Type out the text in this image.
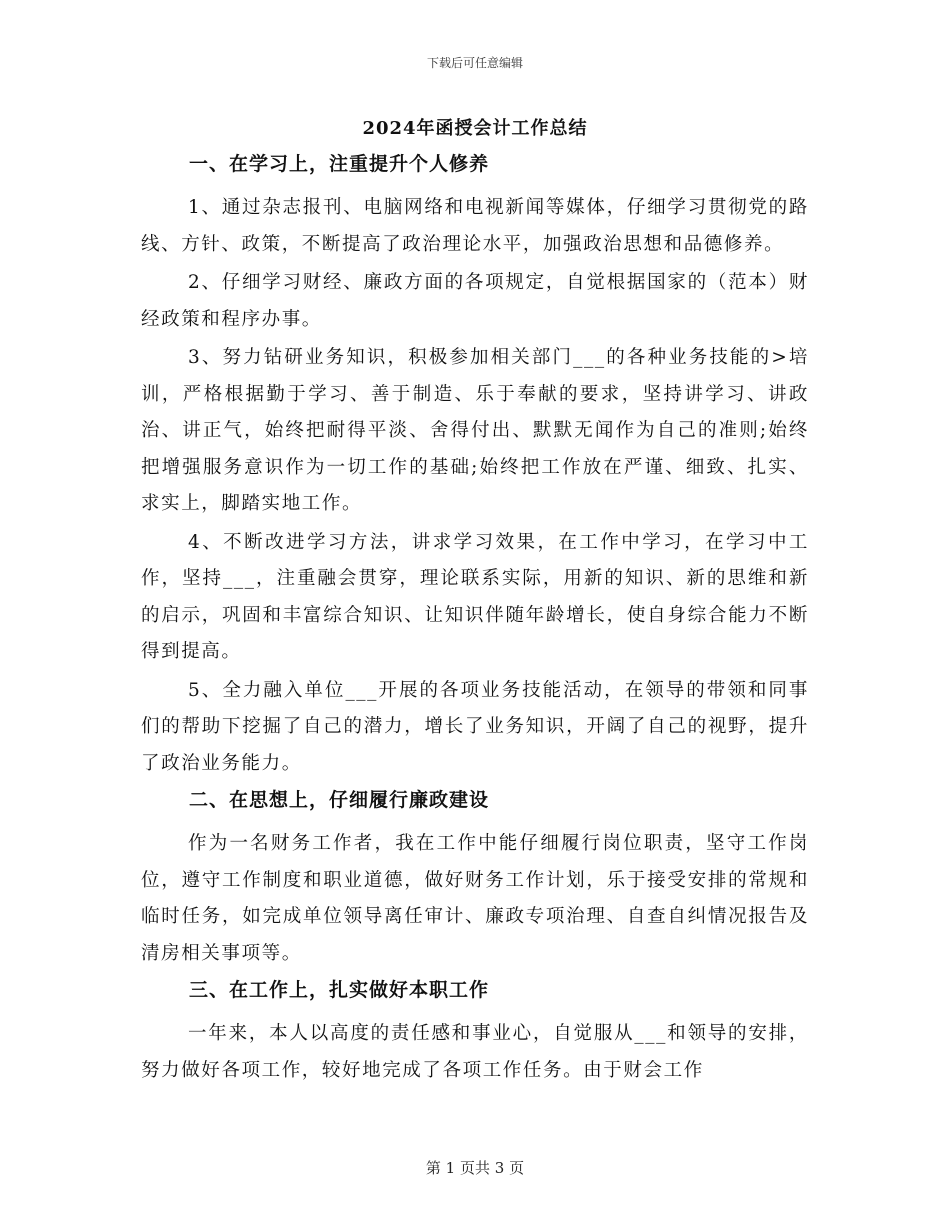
下载后可任意编辑
2024年函授会计工作总结
一、在学习上，注重提升个人修养

1、通过杂志报刊、电脑网络和电视新闻等媒体，仔细学习贯彻党的路线、方针、政策，不断提高了政治理论水平，加强政治思想和品德修养。

2、仔细学习财经、廉政方面的各项规定，自觉根据国家的（范本）财经政策和程序办事。

3、努力钻研业务知识，积极参加相关部门___的各种业务技能的>培训，严格根据勤于学习、善于制造、乐于奉献的要求，坚持讲学习、讲政治、讲正气，始终把耐得平淡、舍得付出、默默无闻作为自己的准则;始终把增强服务意识作为一切工作的基础;始终把工作放在严谨、细致、扎实、求实上，脚踏实地工作。

4、不断改进学习方法，讲求学习效果，在工作中学习，在学习中工作，坚持___，注重融会贯穿，理论联系实际，用新的知识、新的思维和新的启示，巩固和丰富综合知识、让知识伴随年龄增长，使自身综合能力不断得到提高。

5、全力融入单位___开展的各项业务技能活动，在领导的带领和同事们的帮助下挖掘了自己的潜力，增长了业务知识，开阔了自己的视野，提升了政治业务能力。

二、在思想上，仔细履行廉政建设

作为一名财务工作者，我在工作中能仔细履行岗位职责，坚守工作岗位，遵守工作制度和职业道德，做好财务工作计划，乐于接受安排的常规和临时任务，如完成单位领导离任审计、廉政专项治理、自查自纠情况报告及清房相关事项等。

三、在工作上，扎实做好本职工作

一年来，本人以高度的责任感和事业心，自觉服从___和领导的安排，努力做好各项工作，较好地完成了各项工作任务。由于财会工作

第 1 页共 3 页
